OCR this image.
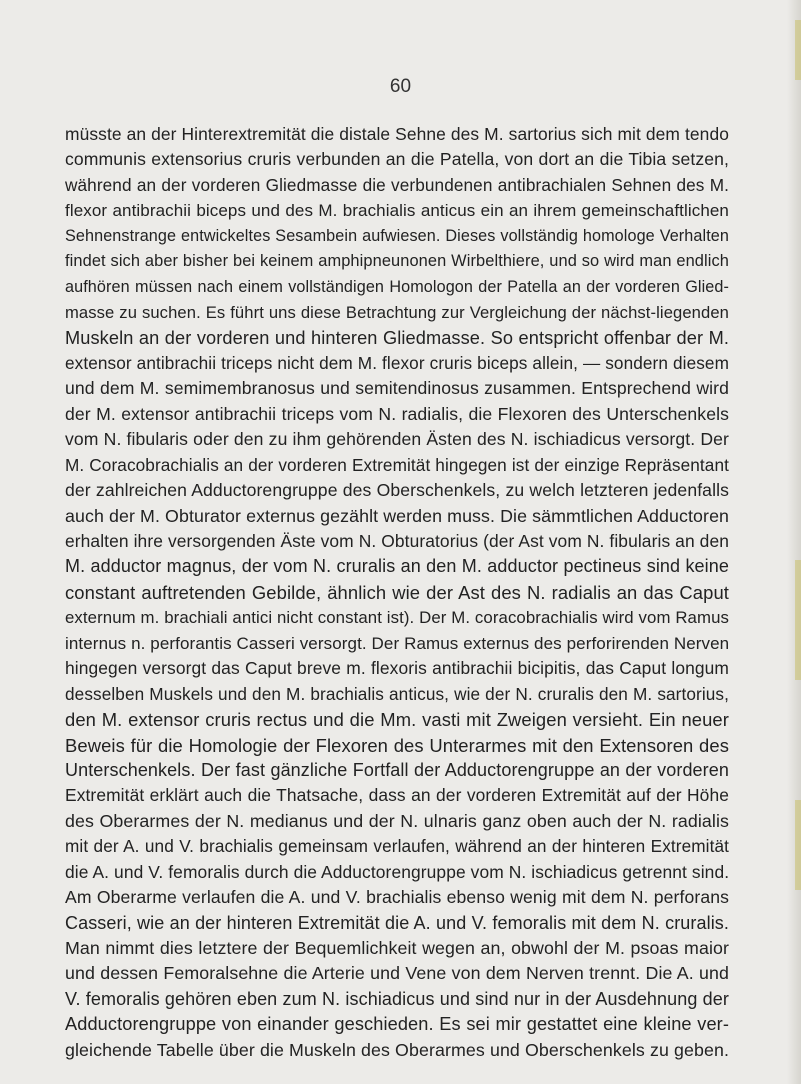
60
müsste an der Hinterextremität die distale Sehne des M. sartorius sich mit dem tendo
communis extensorius cruris verbunden an die Patella, von dort an die Tibia setzen,
während an der vorderen Gliedmasse die verbundenen antibrachialen Sehnen des M.
flexor antibrachii biceps und des M. brachialis anticus ein an ihrem gemeinschaftlichen
Sehnenstrange entwickeltes Sesambein aufwiesen. Dieses vollständig homologe Verhalten
findet sich aber bisher bei keinem amphipneunonen Wirbelthiere, und so wird man endlich
aufhören müssen nach einem vollständigen Homologon der Patella an der vorderen Glied-
masse zu suchen. Es führt uns diese Betrachtung zur Vergleichung der nächst-liegenden
Muskeln an der vorderen und hinteren Gliedmasse. So entspricht offenbar der M.
extensor antibrachii triceps nicht dem M. flexor cruris biceps allein, — sondern diesem
und dem M. semimembranosus und semitendinosus zusammen. Entsprechend wird
der M. extensor antibrachii triceps vom N. radialis, die Flexoren des Unterschenkels
vom N. fibularis oder den zu ihm gehörenden Ästen des N. ischiadicus versorgt. Der
M. Coracobrachialis an der vorderen Extremität hingegen ist der einzige Repräsentant
der zahlreichen Adductorengruppe des Oberschenkels, zu welch letzteren jedenfalls
auch der M. Obturator externus gezählt werden muss. Die sämmtlichen Adductoren
erhalten ihre versorgenden Äste vom N. Obturatorius (der Ast vom N. fibularis an den
M. adductor magnus, der vom N. cruralis an den M. adductor pectineus sind keine
constant auftretenden Gebilde, ähnlich wie der Ast des N. radialis an das Caput
externum m. brachiali antici nicht constant ist). Der M. coracobrachialis wird vom Ramus
internus n. perforantis Casseri versorgt. Der Ramus externus des perforirenden Nerven
hingegen versorgt das Caput breve m. flexoris antibrachii bicipitis, das Caput longum
desselben Muskels und den M. brachialis anticus, wie der N. cruralis den M. sartorius,
den M. extensor cruris rectus und die Mm. vasti mit Zweigen versieht. Ein neuer
Beweis für die Homologie der Flexoren des Unterarmes mit den Extensoren des
Unterschenkels. Der fast gänzliche Fortfall der Adductorengruppe an der vorderen
Extremität erklärt auch die Thatsache, dass an der vorderen Extremität auf der Höhe
des Oberarmes der N. medianus und der N. ulnaris ganz oben auch der N. radialis
mit der A. und V. brachialis gemeinsam verlaufen, während an der hinteren Extremität
die A. und V. femoralis durch die Adductorengruppe vom N. ischiadicus getrennt sind.
Am Oberarme verlaufen die A. und V. brachialis ebenso wenig mit dem N. perforans
Casseri, wie an der hinteren Extremität die A. und V. femoralis mit dem N. cruralis.
Man nimmt dies letztere der Bequemlichkeit wegen an, obwohl der M. psoas maior
und dessen Femoralsehne die Arterie und Vene von dem Nerven trennt. Die A. und
V. femoralis gehören eben zum N. ischiadicus und sind nur in der Ausdehnung der
Adductorengruppe von einander geschieden. Es sei mir gestattet eine kleine ver-
gleichende Tabelle über die Muskeln des Oberarmes und Oberschenkels zu geben.
